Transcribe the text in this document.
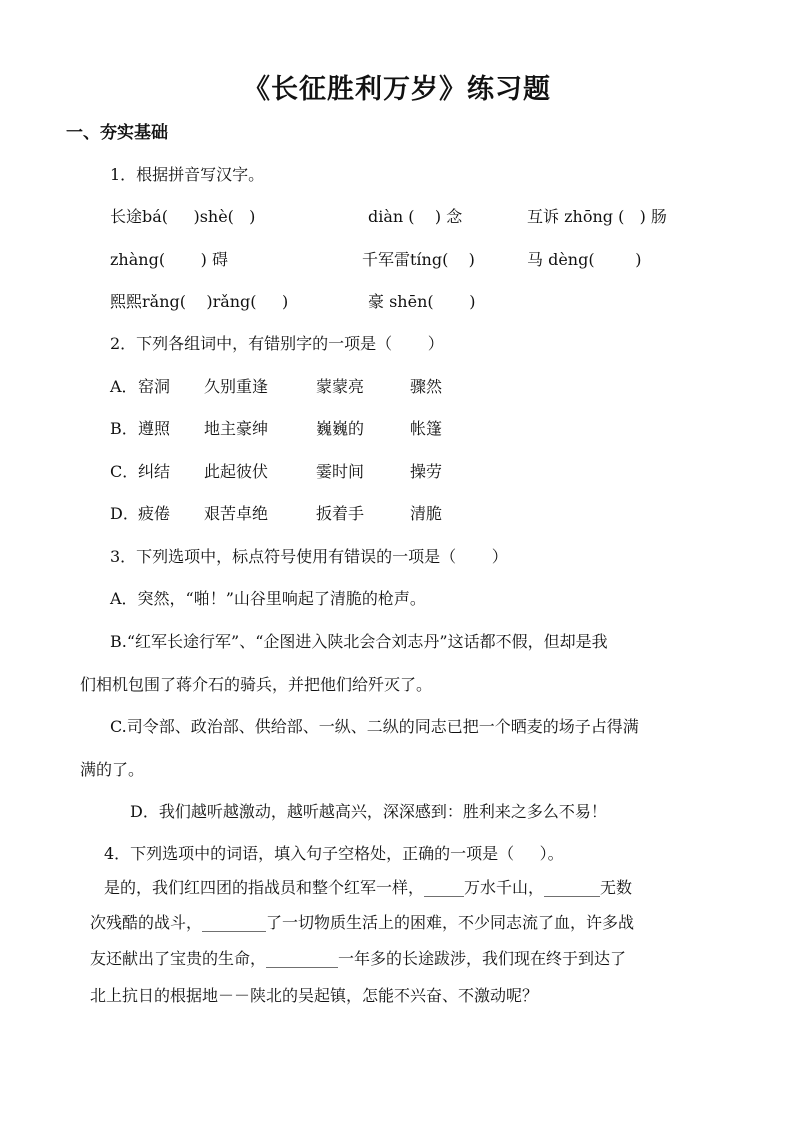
《长征胜利万岁》练习题
一、夯实基础
1．根据拼音写汉字。
长途bá(     )shè(   )	diàn (    ) 念	互诉 zhōng (   ) 肠
zhàng(       ) 碍	千军雷tíng(    )	马 dèng(        )
熙熙rǎng(    )rǎng(     )	豪 shēn(       )
2．下列各组词中，有错别字的一项是（       ）
A． 窑洞 久别重逢	蒙蒙亮	骤然
B． 遵照 地主豪绅	巍巍的	帐篷
C． 纠结 此起彼伏	霎时间	操劳
D． 疲倦 艰苦卓绝	扳着手	清脆
3．下列选项中，标点符号使用有错误的一项是（       ）
A．突然，“啪！”山谷里响起了清脆的枪声。
B.“红军长途行军”、“企图进入陕北会合刘志丹”这话都不假，但却是我
们相机包围了蒋介石的骑兵，并把他们给歼灭了。
C.司令部、政治部、供给部、一纵、二纵的同志已把一个晒麦的场子占得满
满的了。
D．我们越听越激动，越听越高兴，深深感到：胜利来之多么不易！
4．下列选项中的词语，填入句子空格处，正确的一项是（     ）。
是的，我们红四团的指战员和整个红军一样，_____万水千山，_______无数
次残酷的战斗，________了一切物质生活上的困难，不少同志流了血，许多战
友还献出了宝贵的生命，_________一年多的长途跋涉，我们现在终于到达了
北上抗日的根据地－－陕北的吴起镇，怎能不兴奋、不激动呢？
